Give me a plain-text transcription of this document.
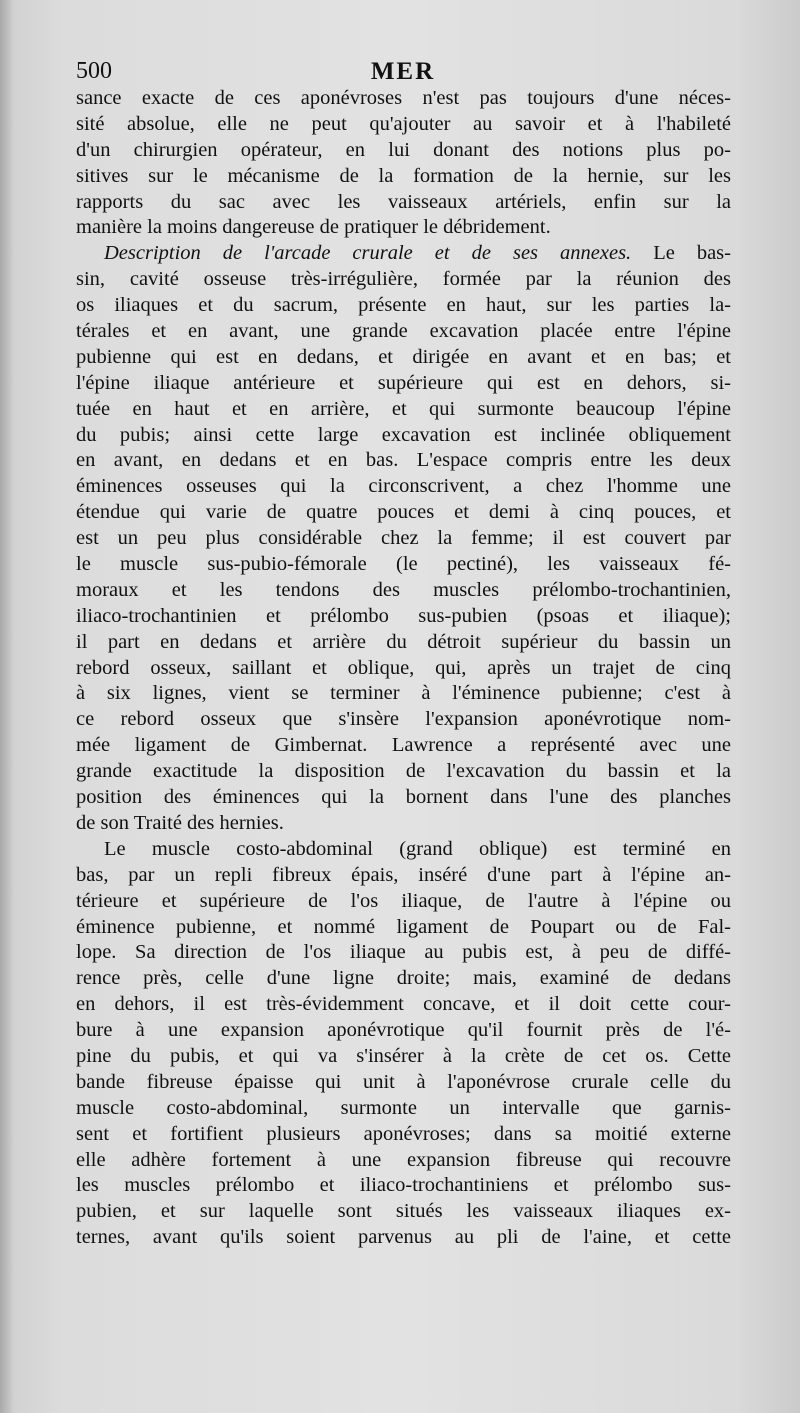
500	MER
sance exacte de ces aponévroses n'est pas toujours d'une néces-
sité absolue, elle ne peut qu'ajouter au savoir et à l'habileté
d'un chirurgien opérateur, en lui donant des notions plus po-
sitives sur le mécanisme de la formation de la hernie, sur les
rapports du sac avec les vaisseaux artériels, enfin sur la
manière la moins dangereuse de pratiquer le débridement.
Description de l'arcade crurale et de ses annexes. Le bas-
sin, cavité osseuse très-irrégulière, formée par la réunion des
os iliaques et du sacrum, présente en haut, sur les parties la-
térales et en avant, une grande excavation placée entre l'épine
pubienne qui est en dedans, et dirigée en avant et en bas; et
l'épine iliaque antérieure et supérieure qui est en dehors, si-
tuée en haut et en arrière, et qui surmonte beaucoup l'épine
du pubis; ainsi cette large excavation est inclinée obliquement
en avant, en dedans et en bas. L'espace compris entre les deux
éminences osseuses qui la circonscrivent, a chez l'homme une
étendue qui varie de quatre pouces et demi à cinq pouces, et
est un peu plus considérable chez la femme; il est couvert par
le muscle sus-pubio-fémorale (le pectiné), les vaisseaux fé-
moraux et les tendons des muscles prélombo-trochantinien,
iliaco-trochantinien et prélombo sus-pubien (psoas et iliaque);
il part en dedans et arrière du détroit supérieur du bassin un
rebord osseux, saillant et oblique, qui, après un trajet de cinq
à six lignes, vient se terminer à l'éminence pubienne; c'est à
ce rebord osseux que s'insère l'expansion aponévrotique nom-
mée ligament de Gimbernat. Lawrence a représenté avec une
grande exactitude la disposition de l'excavation du bassin et la
position des éminences qui la bornent dans l'une des planches
de son Traité des hernies.
Le muscle costo-abdominal (grand oblique) est terminé en
bas, par un repli fibreux épais, inséré d'une part à l'épine an-
térieure et supérieure de l'os iliaque, de l'autre à l'épine ou
éminence pubienne, et nommé ligament de Poupart ou de Fal-
lope. Sa direction de l'os iliaque au pubis est, à peu de diffé-
rence près, celle d'une ligne droite; mais, examiné de dedans
en dehors, il est très-évidemment concave, et il doit cette cour-
bure à une expansion aponévrotique qu'il fournit près de l'é-
pine du pubis, et qui va s'insérer à la crète de cet os. Cette
bande fibreuse épaisse qui unit à l'aponévrose crurale celle du
muscle costo-abdominal, surmonte un intervalle que garnis-
sent et fortifient plusieurs aponévroses; dans sa moitié externe
elle adhère fortement à une expansion fibreuse qui recouvre
les muscles prélombo et iliaco-trochantiniens et prélombo sus-
pubien, et sur laquelle sont situés les vaisseaux iliaques ex-
ternes, avant qu'ils soient parvenus au pli de l'aine, et cette
